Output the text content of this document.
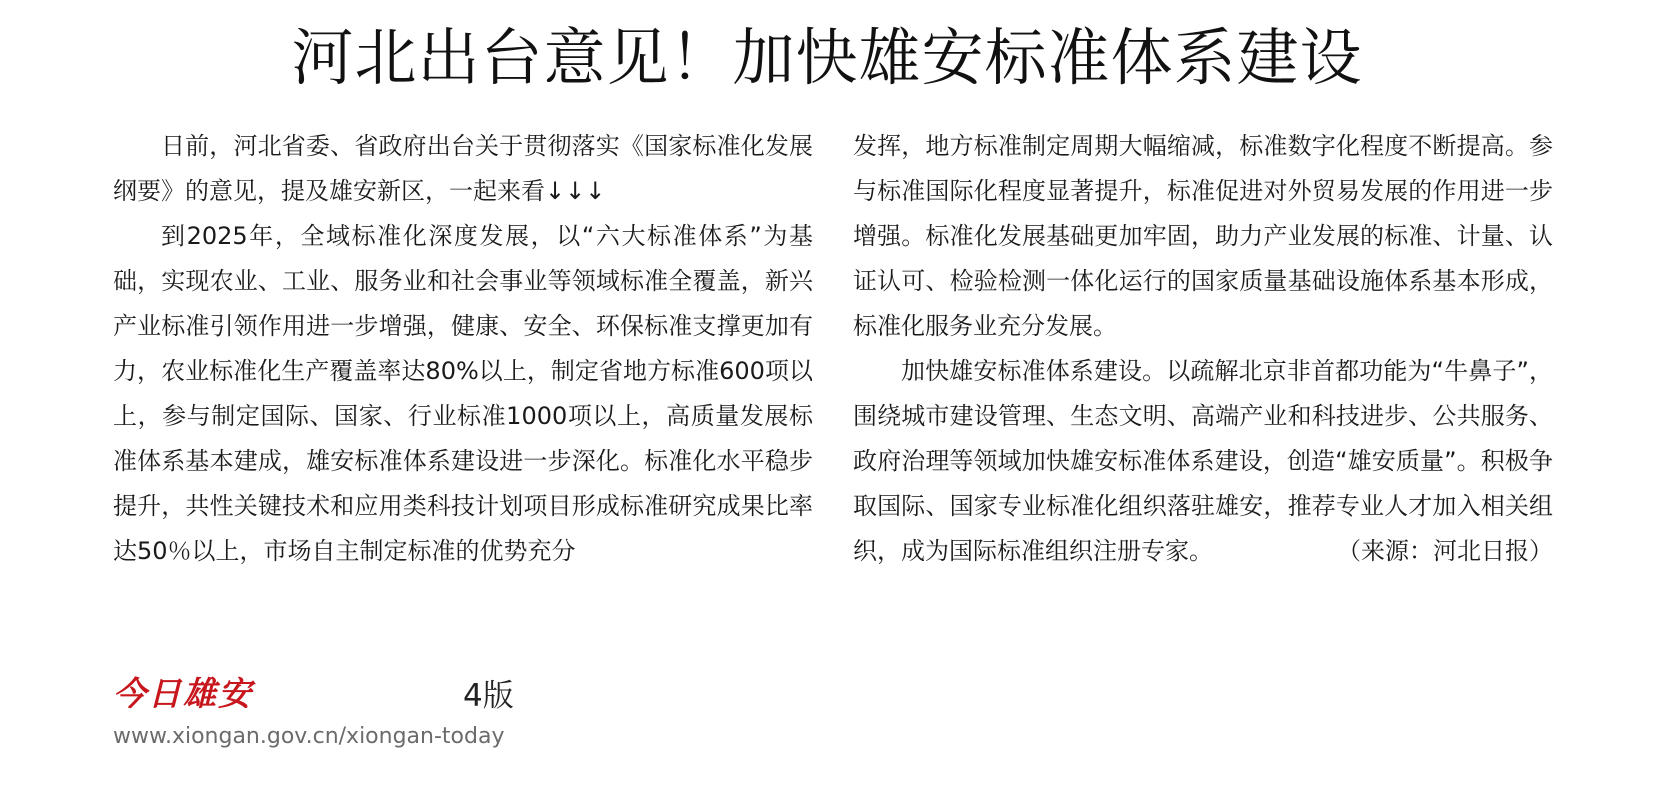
河北出台意见！加快雄安标准体系建设

日前，河北省委、省政府出台关于贯彻落实《国家标准化发展纲要》的意见，提及雄安新区，一起来看↓↓↓

到2025年，全域标准化深度发展，以“六大标准体系”为基础，实现农业、工业、服务业和社会事业等领域标准全覆盖，新兴产业标准引领作用进一步增强，健康、安全、环保标准支撑更加有力，农业标准化生产覆盖率达80%以上，制定省地方标准600项以上，参与制定国际、国家、行业标准1000项以上，高质量发展标准体系基本建成，雄安标准体系建设进一步深化。标准化水平稳步提升，共性关键技术和应用类科技计划项目形成标准研究成果比率达50％以上，市场自主制定标准的优势充分

发挥，地方标准制定周期大幅缩减，标准数字化程度不断提高。参与标准国际化程度显著提升，标准促进对外贸易发展的作用进一步增强。标准化发展基础更加牢固，助力产业发展的标准、计量、认证认可、检验检测一体化运行的国家质量基础设施体系基本形成，标准化服务业充分发展。

加快雄安标准体系建设。以疏解北京非首都功能为“牛鼻子”，围绕城市建设管理、生态文明、高端产业和科技进步、公共服务、政府治理等领域加快雄安标准体系建设，创造“雄安质量”。积极争取国际、国家专业标准化组织落驻雄安，推荐专业人才加入相关组织，成为国际标准组织注册专家。	（来源：河北日报）

今日雄安	4版
www.xiongan.gov.cn/xiongan-today
